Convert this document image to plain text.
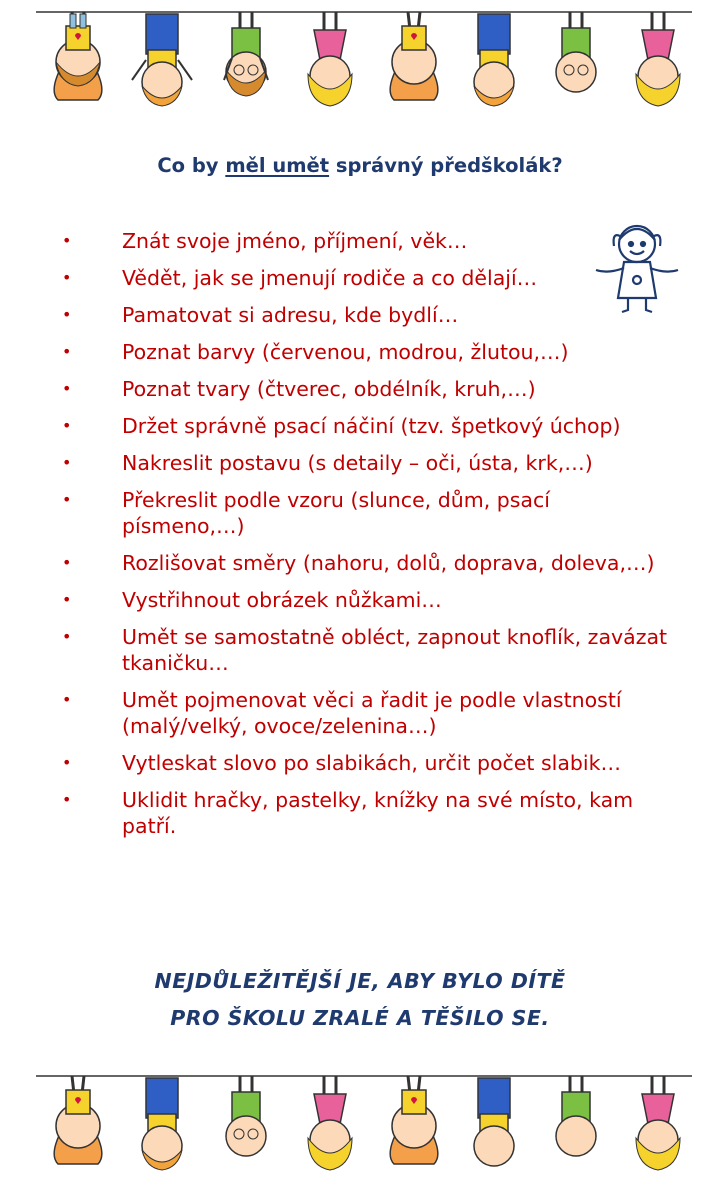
Co by měl umět správný předškolák?
• Znát svoje jméno, příjmení, věk…
• Vědět, jak se jmenují rodiče a co dělají…
• Pamatovat si adresu, kde bydlí…
• Poznat barvy (červenou, modrou, žlutou,…)
• Poznat tvary (čtverec, obdélník, kruh,…)
• Držet správně psací náčiní (tzv. špetkový úchop)
• Nakreslit postavu (s detaily – oči, ústa, krk,…)
• Překreslit podle vzoru (slunce, dům, psací písmeno,…)
• Rozlišovat směry (nahoru, dolů, doprava, doleva,…)
• Vystřihnout obrázek nůžkami…
• Umět se samostatně obléct, zapnout knoflík, zavázat tkaničku…
• Umět pojmenovat věci a řadit je podle vlastností (malý/velký, ovoce/zelenina…)
• Vytleskat slovo po slabikách, určit počet slabik…
• Uklidit hračky, pastelky, knížky na své místo, kam patří.
NEJDŮLEŽITĚJŠÍ JE, ABY BYLO DÍTĚ
PRO ŠKOLU ZRALÉ A TĚŠILO SE.
